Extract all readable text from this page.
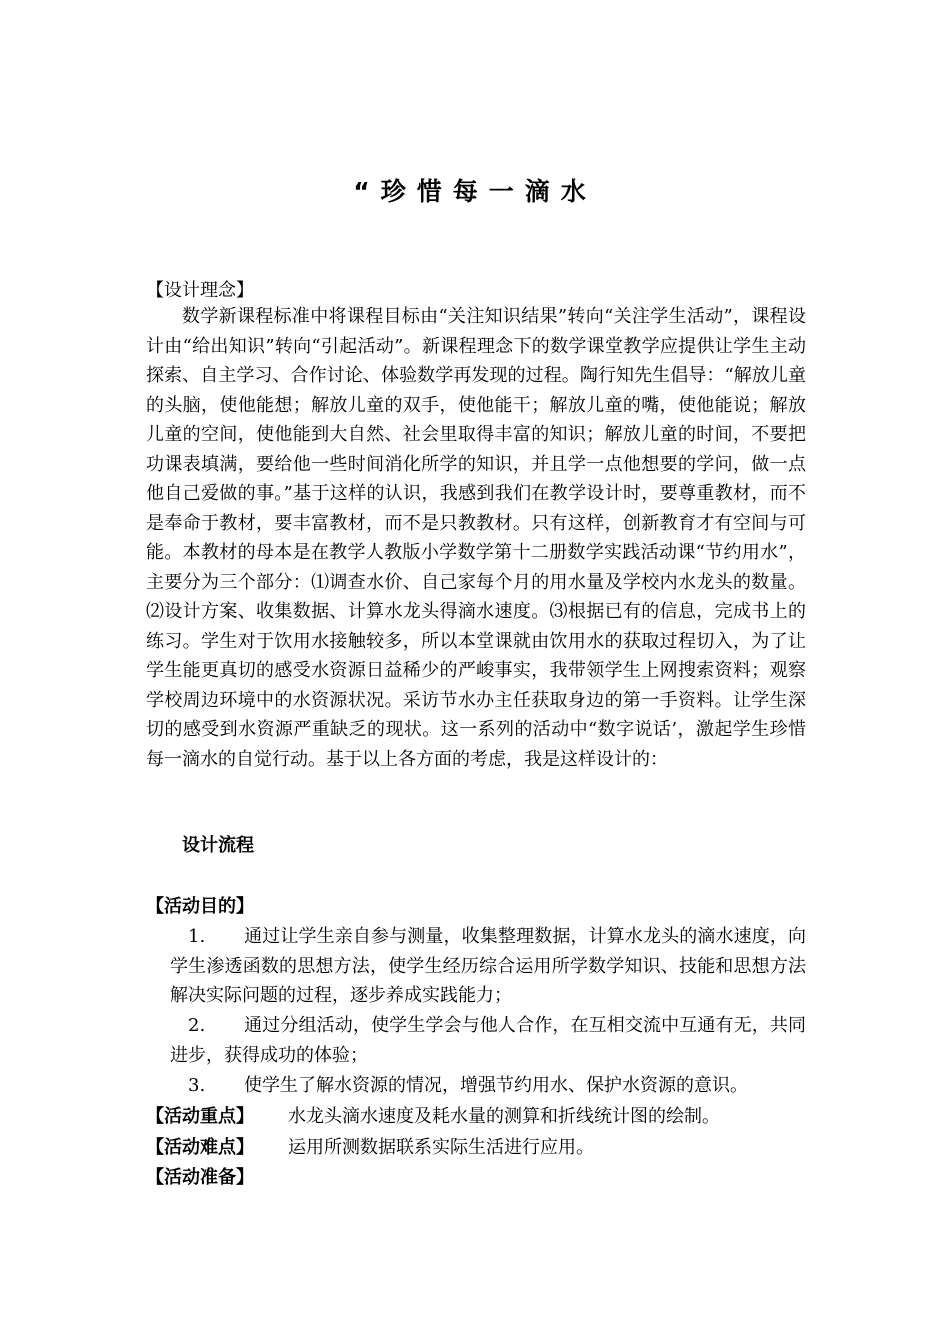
“珍惜每一滴水
【设计理念】

数学新课程标准中将课程目标由“关注知识结果”转向“关注学生活动”，课程设计由“给出知识”转向“引起活动”。新课程理念下的数学课堂教学应提供让学生主动探索、自主学习、合作讨论、体验数学再发现的过程。陶行知先生倡导：“解放儿童的头脑，使他能想；解放儿童的双手，使他能干；解放儿童的嘴，使他能说；解放儿童的空间，使他能到大自然、社会里取得丰富的知识；解放儿童的时间，不要把功课表填满，要给他一些时间消化所学的知识，并且学一点他想要的学问，做一点他自己爱做的事。”基于这样的认识，我感到我们在教学设计时，要尊重教材，而不是奉命于教材，要丰富教材，而不是只教教材。只有这样，创新教育才有空间与可能。本教材的母本是在教学人教版小学数学第十二册数学实践活动课“节约用水”，主要分为三个部分：⑴调查水价、自己家每个月的用水量及学校内水龙头的数量。⑵设计方案、收集数据、计算水龙头得滴水速度。⑶根据已有的信息，完成书上的练习。学生对于饮用水接触较多，所以本堂课就由饮用水的获取过程切入，为了让学生能更真切的感受水资源日益稀少的严峻事实，我带领学生上网搜索资料；观察学校周边环境中的水资源状况。采访节水办主任获取身边的第一手资料。让学生深切的感受到水资源严重缺乏的现状。这一系列的活动中“数字说话’，激起学生珍惜每一滴水的自觉行动。基于以上各方面的考虑，我是这样设计的：

设计流程
【活动目的】

1. 通过让学生亲自参与测量，收集整理数据，计算水龙头的滴水速度，向学生渗透函数的思想方法，使学生经历综合运用所学数学知识、技能和思想方法解决实际问题的过程，逐步养成实践能力；

2. 通过分组活动，使学生学会与他人合作，在互相交流中互通有无，共同进步，获得成功的体验；

3. 使学生了解水资源的情况，增强节约用水、保护水资源的意识。

【活动重点】 水龙头滴水速度及耗水量的测算和折线统计图的绘制。
【活动难点】 运用所测数据联系实际生活进行应用。
【活动准备】
